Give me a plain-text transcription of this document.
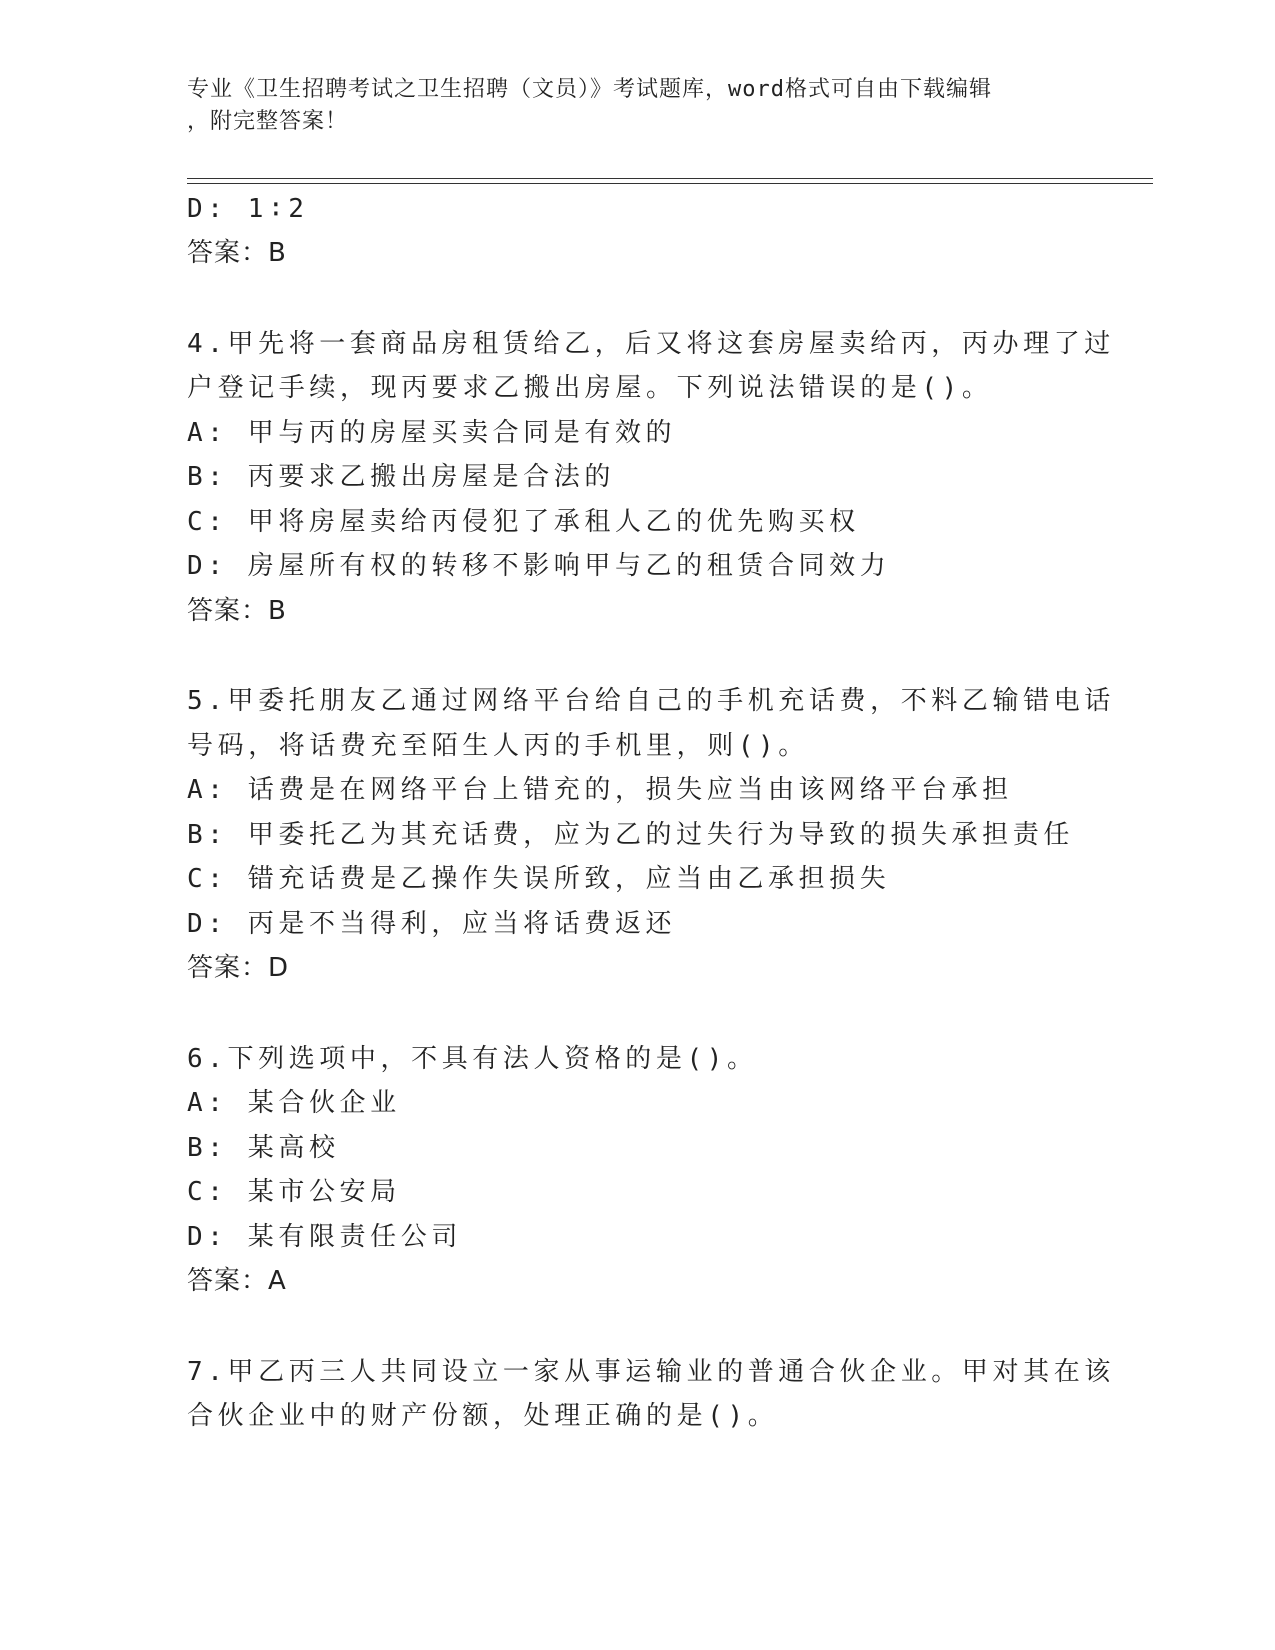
专业《卫生招聘考试之卫生招聘（文员）》考试题库，word格式可自由下载编辑
，附完整答案！
D: 1∶2
答案：B
4.甲先将一套商品房租赁给乙，后又将这套房屋卖给丙，丙办理了过
户登记手续，现丙要求乙搬出房屋。下列说法错误的是()。
A: 甲与丙的房屋买卖合同是有效的
B: 丙要求乙搬出房屋是合法的
C: 甲将房屋卖给丙侵犯了承租人乙的优先购买权
D: 房屋所有权的转移不影响甲与乙的租赁合同效力
答案：B
5.甲委托朋友乙通过网络平台给自己的手机充话费，不料乙输错电话
号码，将话费充至陌生人丙的手机里，则()。
A: 话费是在网络平台上错充的，损失应当由该网络平台承担
B: 甲委托乙为其充话费，应为乙的过失行为导致的损失承担责任
C: 错充话费是乙操作失误所致，应当由乙承担损失
D: 丙是不当得利，应当将话费返还
答案：D
6.下列选项中，不具有法人资格的是()。
A: 某合伙企业
B: 某高校
C: 某市公安局
D: 某有限责任公司
答案：A
7.甲乙丙三人共同设立一家从事运输业的普通合伙企业。甲对其在该
合伙企业中的财产份额，处理正确的是()。
